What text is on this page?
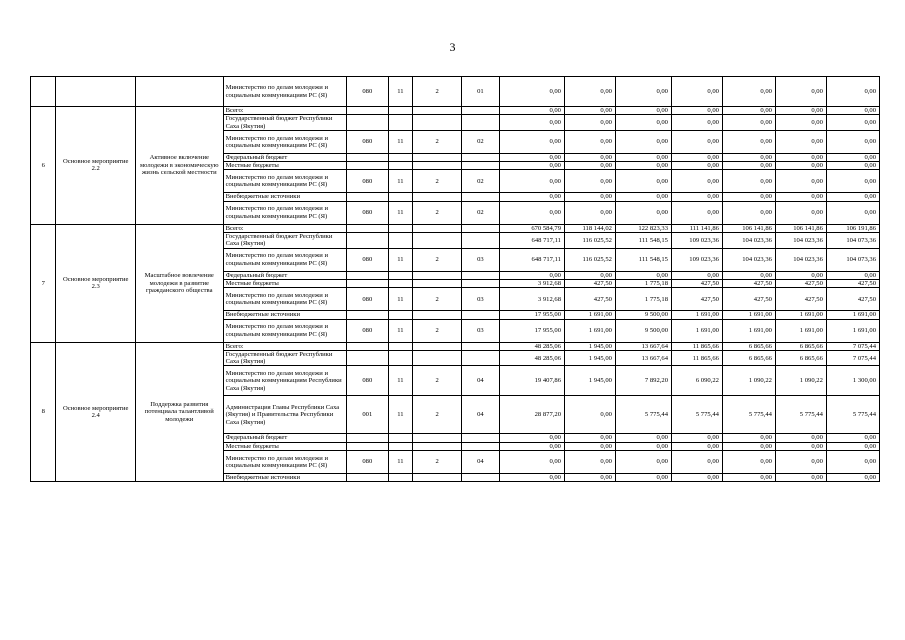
3
			Министерство по делам молодежи и социальным коммуникациям РС (Я)	080	11	2	01	0,00	0,00	0,00	0,00	0,00	0,00	0,00
6	Основное мероприятие 2.2	Активное включение молодежи в экономическую жизнь сельской местности	Всего:					0,00	0,00	0,00	0,00	0,00	0,00	0,00
			Государственный бюджет Республики Саха (Якутия)					0,00	0,00	0,00	0,00	0,00	0,00	0,00
			Министерство по делам молодежи и социальным коммуникациям РС (Я)	080	11	2	02	0,00	0,00	0,00	0,00	0,00	0,00	0,00
			Федеральный бюджет					0,00	0,00	0,00	0,00	0,00	0,00	0,00
			Местные бюджеты					0,00	0,00	0,00	0,00	0,00	0,00	0,00
			Министерство по делам молодежи и социальным коммуникациям РС (Я)	080	11	2	02	0,00	0,00	0,00	0,00	0,00	0,00	0,00
			Внебюджетные источники					0,00	0,00	0,00	0,00	0,00	0,00	0,00
			Министерство по делам молодежи и социальным коммуникациям РС (Я)	080	11	2	02	0,00	0,00	0,00	0,00	0,00	0,00	0,00
7	Основное мероприятие 2.3	Масштабное вовлечение молодежи в развитие гражданского общества	Всего:					670 584,79	118 144,02	122 823,33	111 141,86	106 141,86	106 141,86	106 191,86
			Государственный бюджет Республики Саха (Якутия)					648 717,11	116 025,52	111 548,15	109 023,36	104 023,36	104 023,36	104 073,36
			Министерство по делам молодежи и социальным коммуникациям РС (Я)	080	11	2	03	648 717,11	116 025,52	111 548,15	109 023,36	104 023,36	104 023,36	104 073,36
			Федеральный бюджет					0,00	0,00	0,00	0,00	0,00	0,00	0,00
			Местные бюджеты					3 912,68	427,50	1 775,18	427,50	427,50	427,50	427,50
			Министерство по делам молодежи и социальным коммуникациям РС (Я)	080	11	2	03	3 912,68	427,50	1 775,18	427,50	427,50	427,50	427,50
			Внебюджетные источники					17 955,00	1 691,00	9 500,00	1 691,00	1 691,00	1 691,00	1 691,00
			Министерство по делам молодежи и социальным коммуникациям РС (Я)	080	11	2	03	17 955,00	1 691,00	9 500,00	1 691,00	1 691,00	1 691,00	1 691,00
8	Основное мероприятие 2.4	Поддержка развития потенциала талантливой молодежи	Всего:					48 285,06	1 945,00	13 667,64	11 865,66	6 865,66	6 865,66	7 075,44
			Государственный бюджет Республики Саха (Якутия)					48 285,06	1 945,00	13 667,64	11 865,66	6 865,66	6 865,66	7 075,44
			Министерство по делам молодежи и социальным коммуникациям Республики Саха (Якутия)	080	11	2	04	19 407,86	1 945,00	7 892,20	6 090,22	1 090,22	1 090,22	1 300,00
			Администрация Главы Республики Саха (Якутия) и Правительства Республики Саха (Якутия)	001	11	2	04	28 877,20	0,00	5 775,44	5 775,44	5 775,44	5 775,44	5 775,44
			Федеральный бюджет					0,00	0,00	0,00	0,00	0,00	0,00	0,00
			Местные бюджеты					0,00	0,00	0,00	0,00	0,00	0,00	0,00
			Министерство по делам молодежи и социальным коммуникациям РС (Я)	080	11	2	04	0,00	0,00	0,00	0,00	0,00	0,00	0,00
			Внебюджетные источники					0,00	0,00	0,00	0,00	0,00	0,00	0,00
